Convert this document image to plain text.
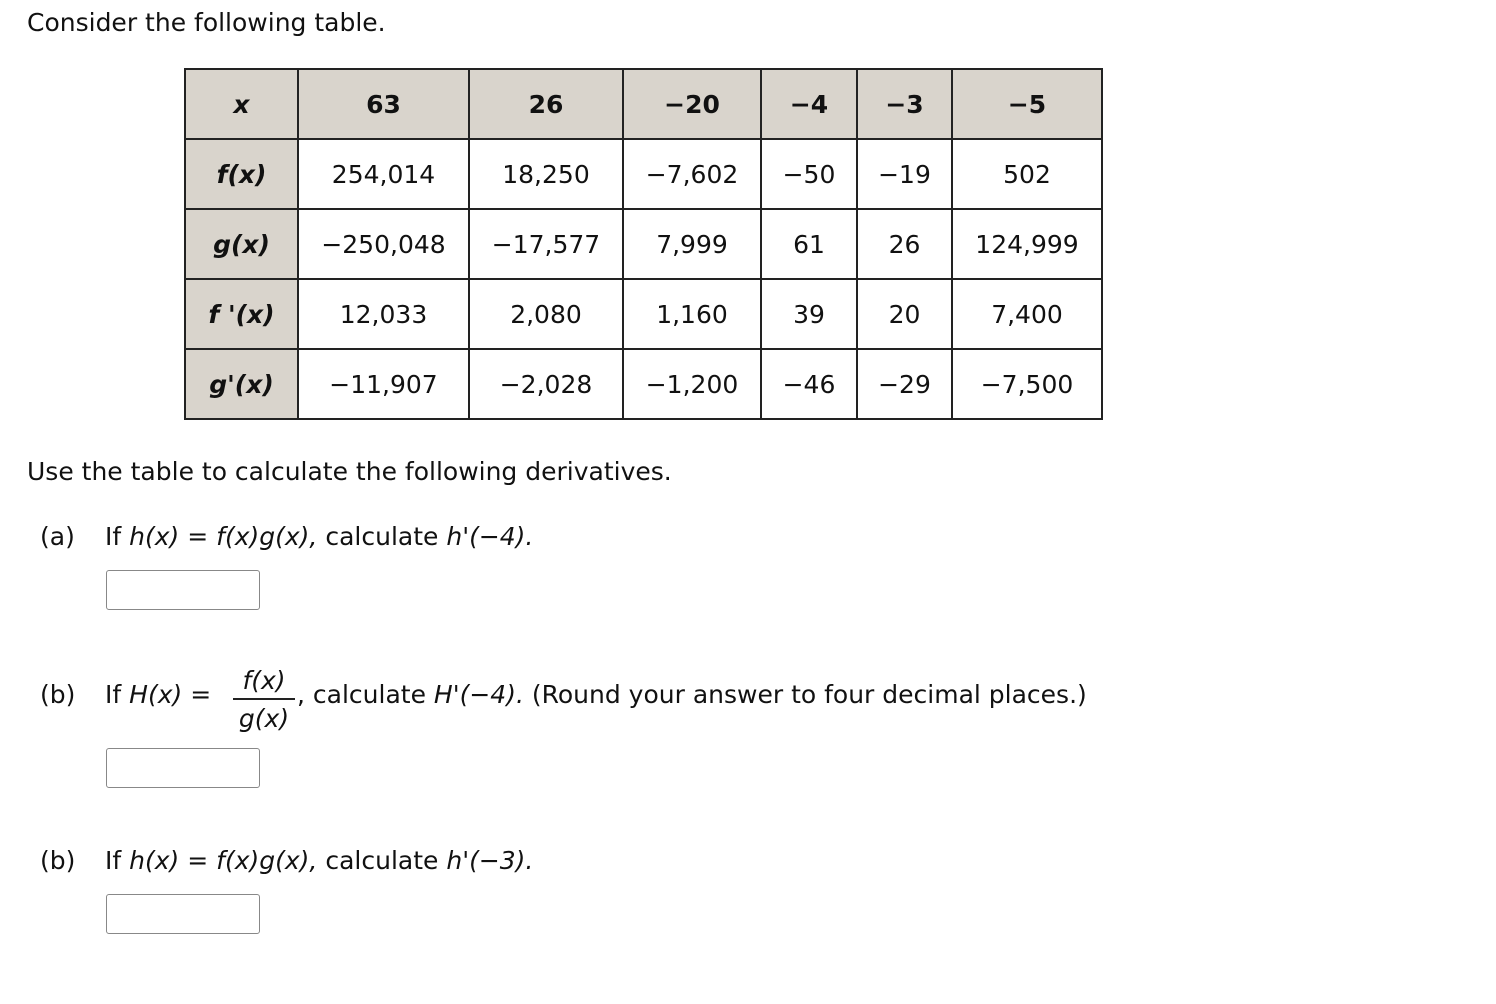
Consider the following table.
x	63	26	−20	−4	−3	−5
f(x)	254,014	18,250	−7,602	−50	−19	502
g(x)	−250,048	−17,577	7,999	61	26	124,999
f '(x)	12,033	2,080	1,160	39	20	7,400
g'(x)	−11,907	−2,028	−1,200	−46	−29	−7,500
Use the table to calculate the following derivatives.
(a) If h(x) = f(x)g(x), calculate h'(−4).
(b) If H(x) =	f(x)
g(x)
, calculate H'(−4). (Round your answer to four decimal places.)
(b) If h(x) = f(x)g(x), calculate h'(−3).
